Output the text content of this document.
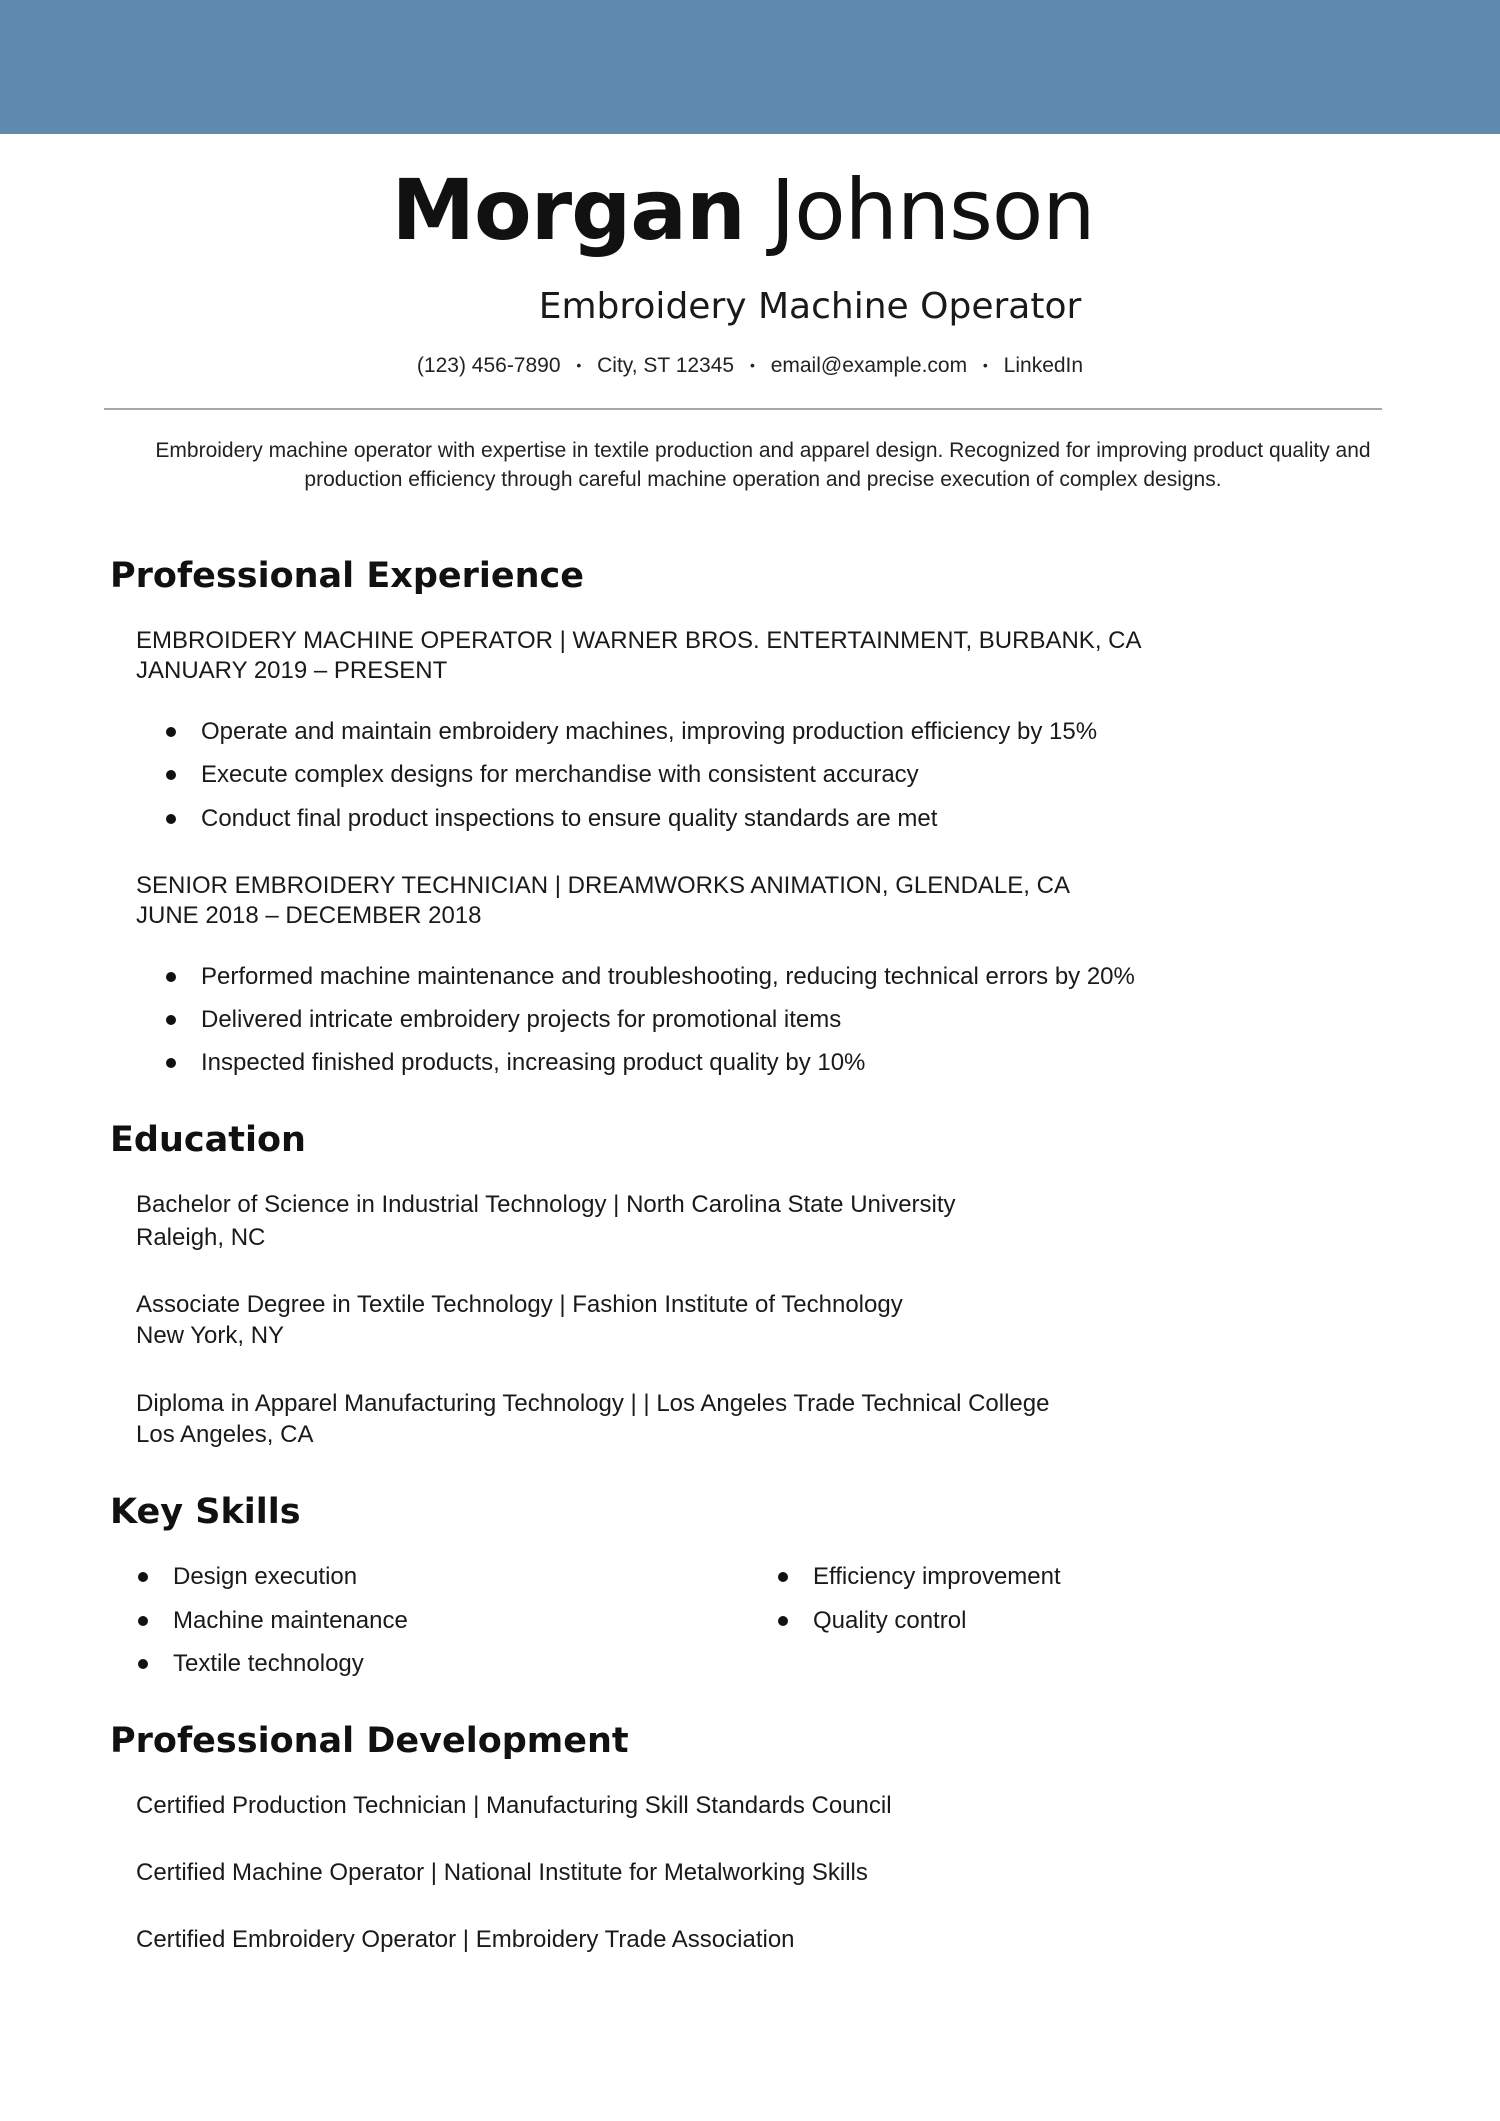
Morgan Johnson
Embroidery Machine Operator
(123) 456-7890 • City, ST 12345 • email@example.com • LinkedIn
Embroidery machine operator with expertise in textile production and apparel design. Recognized for improving product quality and production efficiency through careful machine operation and precise execution of complex designs.
Professional Experience
EMBROIDERY MACHINE OPERATOR | WARNER BROS. ENTERTAINMENT, BURBANK, CA
JANUARY 2019 – PRESENT
Operate and maintain embroidery machines, improving production efficiency by 15%
Execute complex designs for merchandise with consistent accuracy
Conduct final product inspections to ensure quality standards are met
SENIOR EMBROIDERY TECHNICIAN | DREAMWORKS ANIMATION, GLENDALE, CA
JUNE 2018 – DECEMBER 2018
Performed machine maintenance and troubleshooting, reducing technical errors by 20%
Delivered intricate embroidery projects for promotional items
Inspected finished products, increasing product quality by 10%
Education
Bachelor of Science in Industrial Technology | North Carolina State University
Raleigh, NC
Associate Degree in Textile Technology | Fashion Institute of Technology
New York, NY
Diploma in Apparel Manufacturing Technology | | Los Angeles Trade Technical College
Los Angeles, CA
Key Skills
Design execution
Machine maintenance
Textile technology
Efficiency improvement
Quality control
Professional Development
Certified Production Technician | Manufacturing Skill Standards Council
Certified Machine Operator | National Institute for Metalworking Skills
Certified Embroidery Operator | Embroidery Trade Association
